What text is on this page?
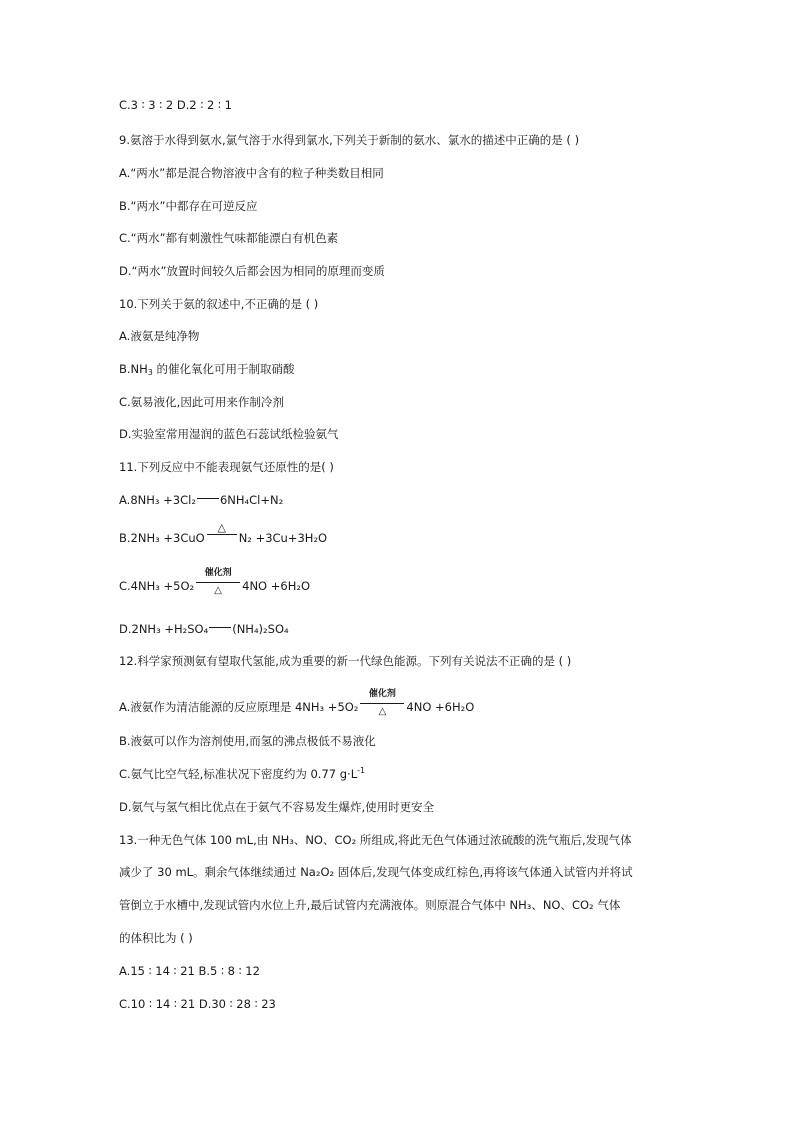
C.3 ∶ 3 ∶ 2 D.2 ∶ 2 ∶ 1
9.氨溶于水得到氨水,氯气溶于水得到氯水,下列关于新制的氨水、氯水的描述中正确的是 ( )
A.“两水”都是混合物溶液中含有的粒子种类数目相同
B.“两水”中都存在可逆反应
C.“两水”都有刺激性气味都能漂白有机色素
D.“两水”放置时间较久后都会因为相同的原理而变质
10.下列关于氨的叙述中,不正确的是 ( )
A.液氨是纯净物
$B.NH_3$ 的催化氧化可用于制取硝酸
C.氨易液化,因此可用来作制冷剂
D.实验室常用湿润的蓝色石蕊试纸检验氨气
11.下列反应中不能表现氨气还原性的是( )
A.8NH₃ +3Cl₂ 6NH₄Cl+N₂
B.2NH₃ +3CuO
△
N₂ +3Cu+3H₂O
C.4NH₃ +5O₂
催化剂
△	4NO +6H₂O
D.2NH₃ +H₂SO₄ (NH₄)₂SO₄
12.科学家预测氨有望取代氢能,成为重要的新一代绿色能源。下列有关说法不正确的是 ( )
A.液氨作为清洁能源的反应原理是 4NH₃ +5O₂
催化剂
△	4NO +6H₂O
B.液氨可以作为溶剂使用,而氢的沸点极低不易液化
C.氨气比空气轻,标准状况下密度约为 0.77 $g\cdot L^{-1}$
D.氨气与氢气相比优点在于氨气不容易发生爆炸,使用时更安全
13.一种无色气体 100 mL,由 NH₃、NO、CO₂ 所组成,将此无色气体通过浓硫酸的洗气瓶后,发现气体
减少了 30 mL。剩余气体继续通过 Na₂O₂ 固体后,发现气体变成红棕色,再将该气体通入试管内并将试
管倒立于水槽中,发现试管内水位上升,最后试管内充满液体。则原混合气体中 NH₃、NO、CO₂ 气体
的体积比为 ( )
A.15 ∶ 14 ∶ 21 B.5 ∶ 8 ∶ 12
C.10 ∶ 14 ∶ 21 D.30 ∶ 28 ∶ 23
